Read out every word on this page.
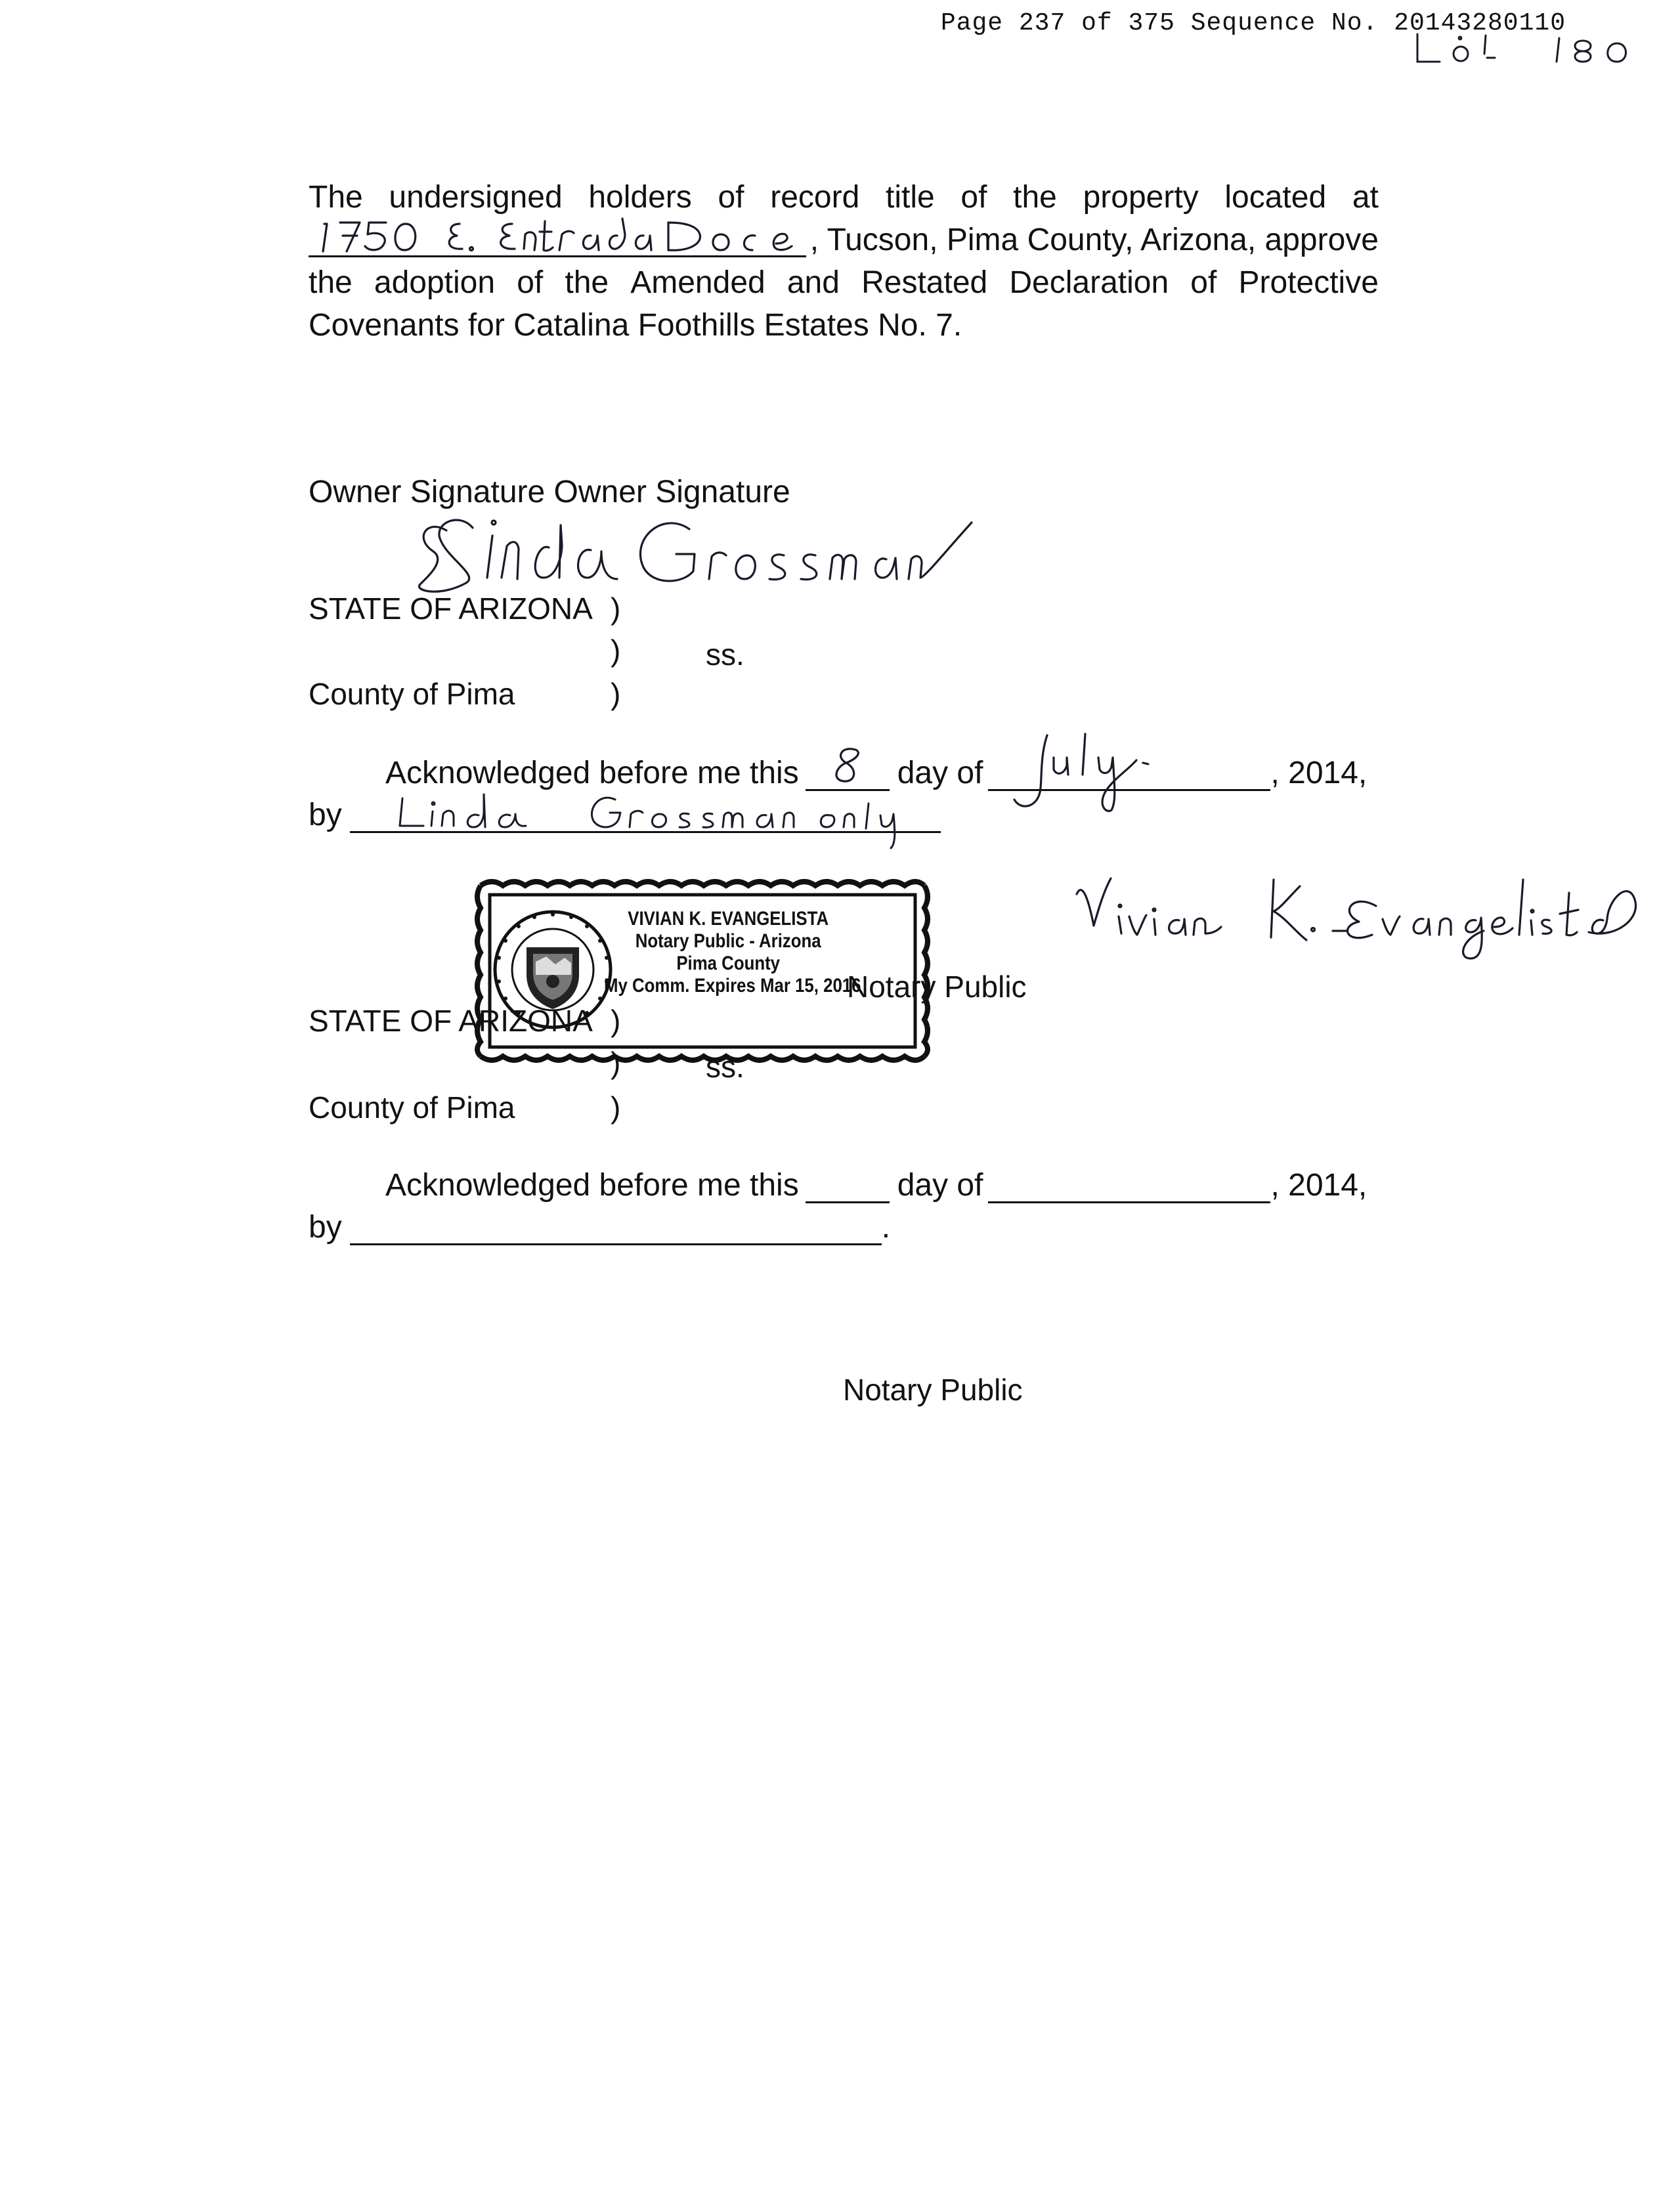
Page 237 of 375 Sequence No. 20143280110
The undersigned holders of record title of the property located at
, Tucson, Pima County, Arizona, approve
the adoption of the Amended and Restated Declaration of Protective
Covenants for Catalina Foothills Estates No. 7.
Owner Signature Owner Signature
STATE OF ARIZONA )
)	ss.
County of Pima	)
Acknowledged before me this	day of	, 2014,
by
VIVIAN K. EVANGELISTA
Notary Public - Arizona
Pima County
My Comm. Expires Mar 15, 2016
Notary Public
STATE OF ARIZONA )
)	ss.
County of Pima	)
Acknowledged before me this	day of	, 2014,
by	.
Notary Public
